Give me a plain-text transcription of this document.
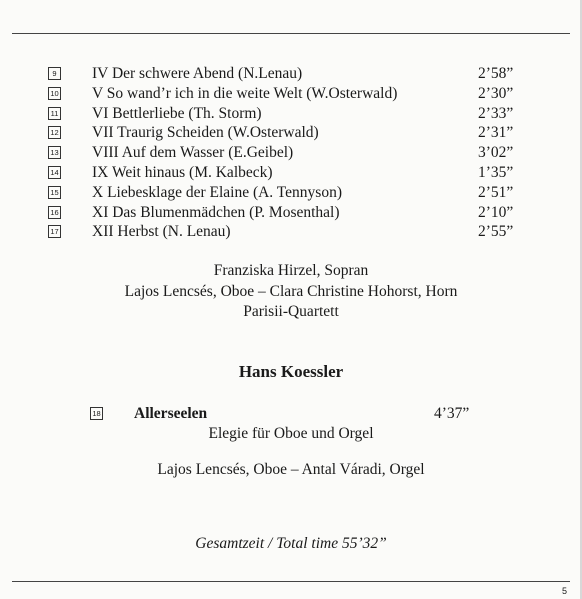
9 IV Der schwere Abend (N.Lenau)	2’58”
10 V So wand’r ich in die weite Welt (W.Osterwald)	2’30”
11 VI Bettlerliebe (Th. Storm)	2’33”
12 VII Traurig Scheiden (W.Osterwald)	2’31”
13 VIII Auf dem Wasser (E.Geibel)	3’02”
14 IX Weit hinaus (M. Kalbeck)	1’35”
15 X Liebesklage der Elaine (A. Tennyson)	2’51”
16 XI Das Blumenmädchen (P. Mosenthal)	2’10”
17 XII Herbst (N. Lenau)	2’55”
Franziska Hirzel, Sopran
Lajos Lencsés, Oboe – Clara Christine Hohorst, Horn
Parisii-Quartett
Hans Koessler
18 Allerseelen	4’37”
Elegie für Oboe und Orgel
Lajos Lencsés, Oboe – Antal Váradi, Orgel
Gesamtzeit / Total time 55’32”
5
